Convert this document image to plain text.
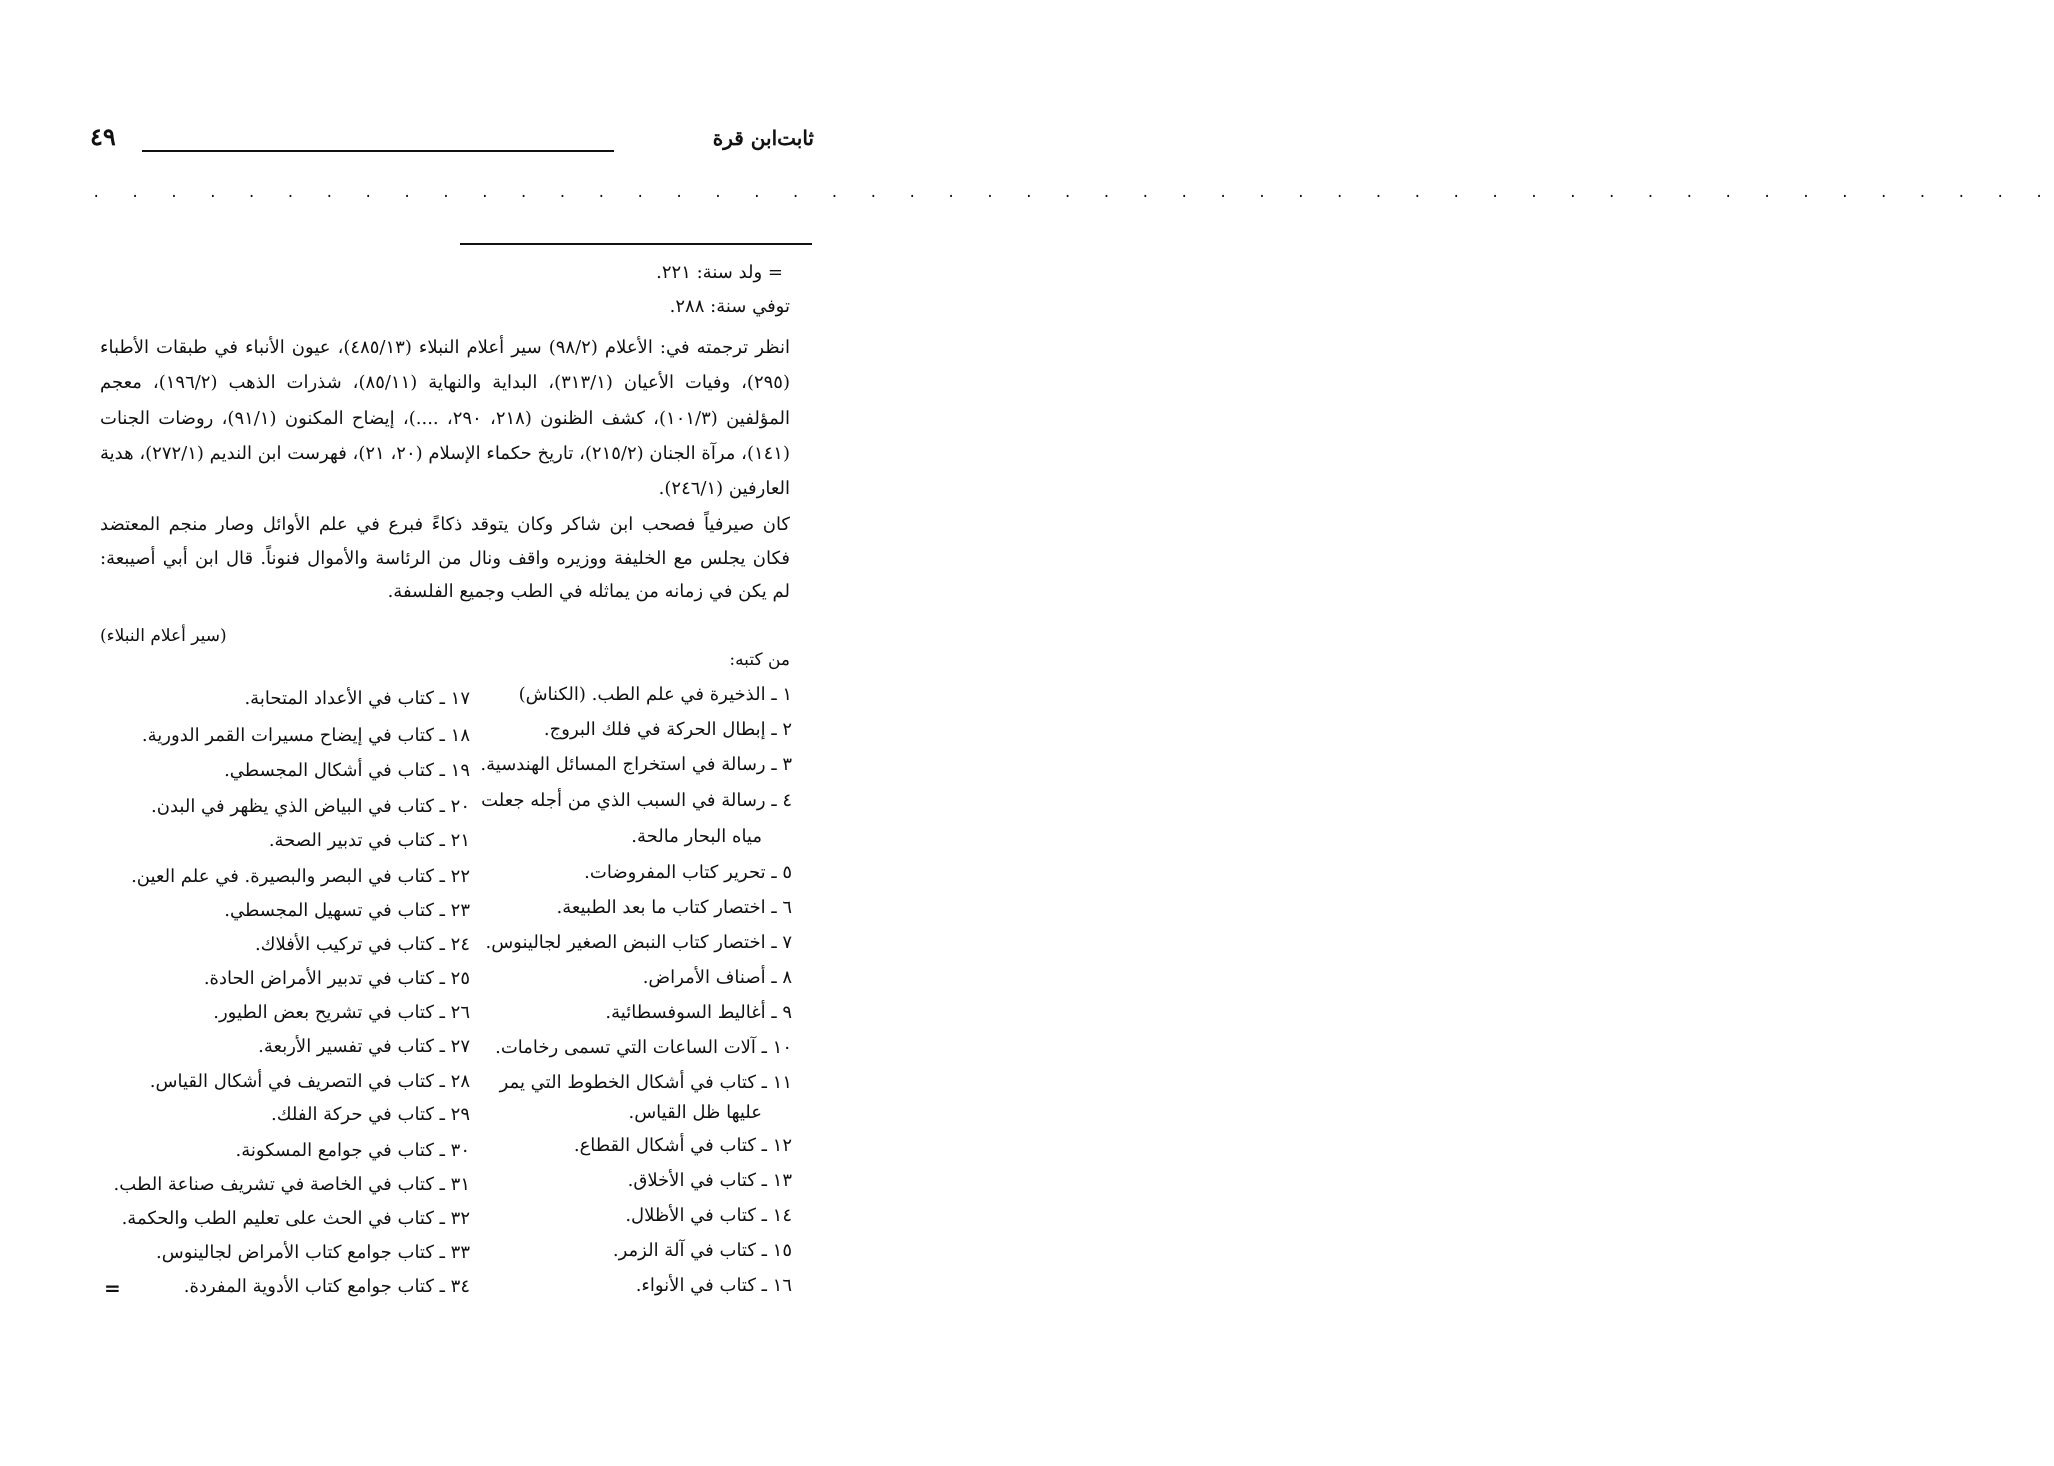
ثابت‌ابن قرة
٤٩
. . . . . . . . . . . . . . . . . . . . . . . . . . . . . . . . . . . . . . . . . . . . . . . . . . .
= ولد سنة: ٢٢١.
توفي سنة: ٢٨٨.
انظر ترجمته في: الأعلام (٩٨/٢) سير أعلام النبلاء (٤٨٥/١٣)، عيون الأنباء في طبقات الأطباء (٢٩٥)، وفيات الأعيان (٣١٣/١)، البداية والنهاية (٨٥/١١)، شذرات الذهب (١٩٦/٢)، معجم المؤلفين (١٠١/٣)، كشف الظنون (٢١٨، ٢٩٠، ....)، إيضاح المكنون (٩١/١)، روضات الجنات (١٤١)، مرآة الجنان (٢١٥/٢)، تاريخ حكماء الإسلام (٢٠، ٢١)، فهرست ابن النديم (٢٧٢/١)، هدية العارفين (٢٤٦/١).
كان صيرفياً فصحب ابن شاكر وكان يتوقد ذكاءً فبرع في علم الأوائل وصار منجم المعتضد فكان يجلس مع الخليفة ووزيره واقف ونال من الرئاسة والأموال فنوناً. قال ابن أبي أصيبعة: لم يكن في زمانه من يماثله في الطب وجميع الفلسفة.
(سير أعلام النبلاء)
من كتبه:
١ ـ الذخيرة في علم الطب. (الكناش)
٢ ـ إبطال الحركة في فلك البروج.
٣ ـ رسالة في استخراج المسائل الهندسية.
٤ ـ رسالة في السبب الذي من أجله جعلت
مياه البحار مالحة.
٥ ـ تحرير كتاب المفروضات.
٦ ـ اختصار كتاب ما بعد الطبيعة.
٧ ـ اختصار كتاب النبض الصغير لجالينوس.
٨ ـ أصناف الأمراض.
٩ ـ أغاليط السوفسطائية.
١٠ ـ آلات الساعات التي تسمى رخامات.
١١ ـ كتاب في أشكال الخطوط التي يمر
عليها ظل القياس.
١٢ ـ كتاب في أشكال القطاع.
١٣ ـ كتاب في الأخلاق.
١٤ ـ كتاب في الأظلال.
١٥ ـ كتاب في آلة الزمر.
١٦ ـ كتاب في الأنواء.
١٧ ـ كتاب في الأعداد المتحابة.
١٨ ـ كتاب في إيضاح مسيرات القمر الدورية.
١٩ ـ كتاب في أشكال المجسطي.
٢٠ ـ كتاب في البياض الذي يظهر في البدن.
٢١ ـ كتاب في تدبير الصحة.
٢٢ ـ كتاب في البصر والبصيرة. في علم العين.
٢٣ ـ كتاب في تسهيل المجسطي.
٢٤ ـ كتاب في تركيب الأفلاك.
٢٥ ـ كتاب في تدبير الأمراض الحادة.
٢٦ ـ كتاب في تشريح بعض الطيور.
٢٧ ـ كتاب في تفسير الأربعة.
٢٨ ـ كتاب في التصريف في أشكال القياس.
٢٩ ـ كتاب في حركة الفلك.
٣٠ ـ كتاب في جوامع المسكونة.
٣١ ـ كتاب في الخاصة في تشريف صناعة الطب.
٣٢ ـ كتاب في الحث على تعليم الطب والحكمة.
٣٣ ـ كتاب جوامع كتاب الأمراض لجالينوس.
٣٤ ـ كتاب جوامع كتاب الأدوية المفردة.
=
